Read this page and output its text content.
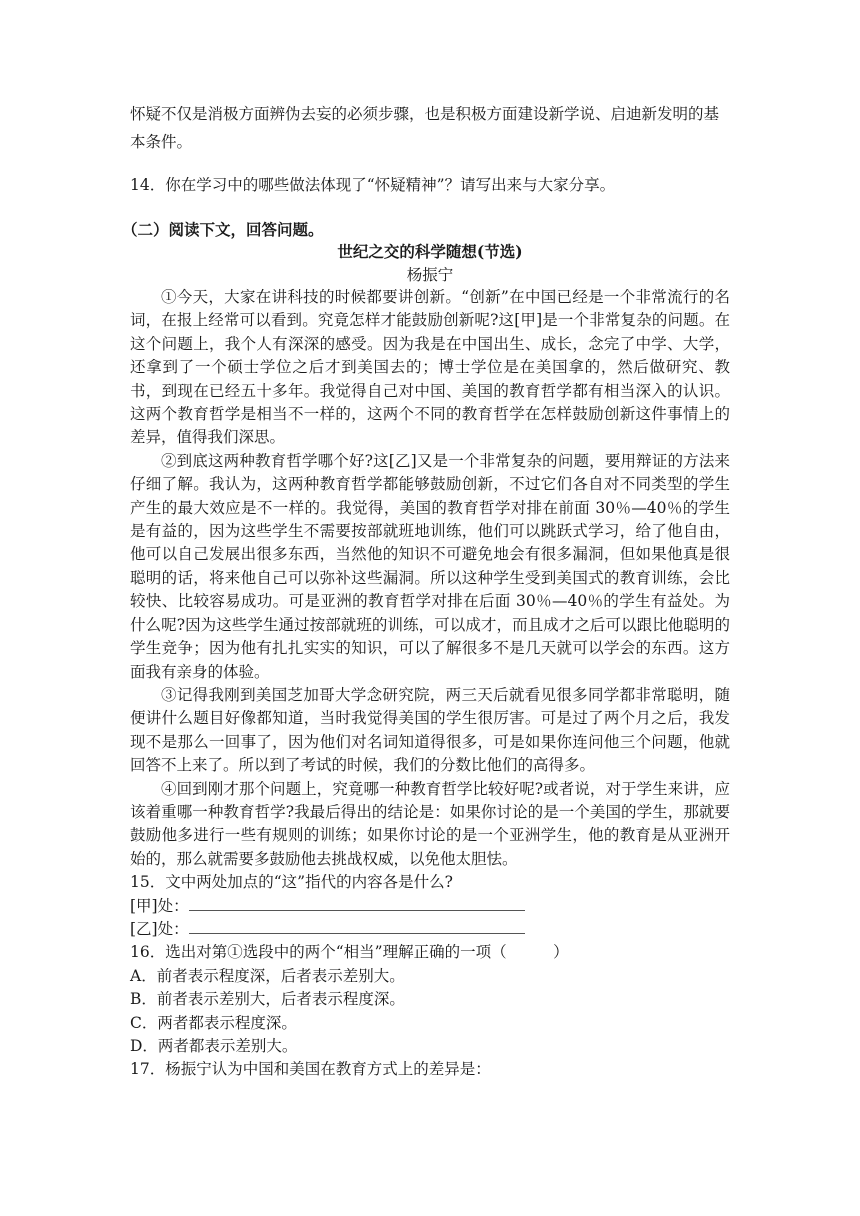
怀疑不仅是消极方面辨伪去妄的必须步骤，也是积极方面建设新学说、启迪新发明的基本条件。
14．你在学习中的哪些做法体现了“怀疑精神”？请写出来与大家分享。
（二）阅读下文，回答问题。
世纪之交的科学随想(节选)
杨振宁

①今天，大家在讲科技的时候都要讲创新。“创新”在中国已经是一个非常流行的名词，在报上经常可以看到。究竟怎样才能鼓励创新呢?这[甲]是一个非常复杂的问题。在这个问题上，我个人有深深的感受。因为我是在中国出生、成长，念完了中学、大学，还拿到了一个硕士学位之后才到美国去的；博士学位是在美国拿的，然后做研究、教书，到现在已经五十多年。我觉得自己对中国、美国的教育哲学都有相当深入的认识。这两个教育哲学是相当不一样的，这两个不同的教育哲学在怎样鼓励创新这件事情上的差异，值得我们深思。

②到底这两种教育哲学哪个好?这[乙]又是一个非常复杂的问题，要用辩证的方法来仔细了解。我认为，这两种教育哲学都能够鼓励创新，不过它们各自对不同类型的学生产生的最大效应是不一样的。我觉得，美国的教育哲学对排在前面 30％—40％的学生是有益的，因为这些学生不需要按部就班地训练，他们可以跳跃式学习，给了他自由，他可以自己发展出很多东西，当然他的知识不可避免地会有很多漏洞，但如果他真是很聪明的话，将来他自己可以弥补这些漏洞。所以这种学生受到美国式的教育训练，会比较快、比较容易成功。可是亚洲的教育哲学对排在后面 30％—40％的学生有益处。为什么呢?因为这些学生通过按部就班的训练，可以成才，而且成才之后可以跟比他聪明的学生竞争；因为他有扎扎实实的知识，可以了解很多不是几天就可以学会的东西。这方面我有亲身的体验。

③记得我刚到美国芝加哥大学念研究院，两三天后就看见很多同学都非常聪明，随便讲什么题目好像都知道，当时我觉得美国的学生很厉害。可是过了两个月之后，我发现不是那么一回事了，因为他们对名词知道得很多，可是如果你连问他三个问题，他就回答不上来了。所以到了考试的时候，我们的分数比他们的高得多。

④回到刚才那个问题上，究竟哪一种教育哲学比较好呢?或者说，对于学生来讲，应该着重哪一种教育哲学?我最后得出的结论是：如果你讨论的是一个美国的学生，那就要鼓励他多进行一些有规则的训练；如果你讨论的是一个亚洲学生，他的教育是从亚洲开始的，那么就需要多鼓励他去挑战权威，以免他太胆怯。

15．文中两处加点的“这”指代的内容各是什么?

[甲]处：

[乙]处：

16．选出对第①选段中的两个“相当”理解正确的一项（　　　）

A．前者表示程度深，后者表示差别大。

B．前者表示差别大，后者表示程度深。

C．两者都表示程度深。

D．两者都表示差别大。

17．杨振宁认为中国和美国在教育方式上的差异是：
